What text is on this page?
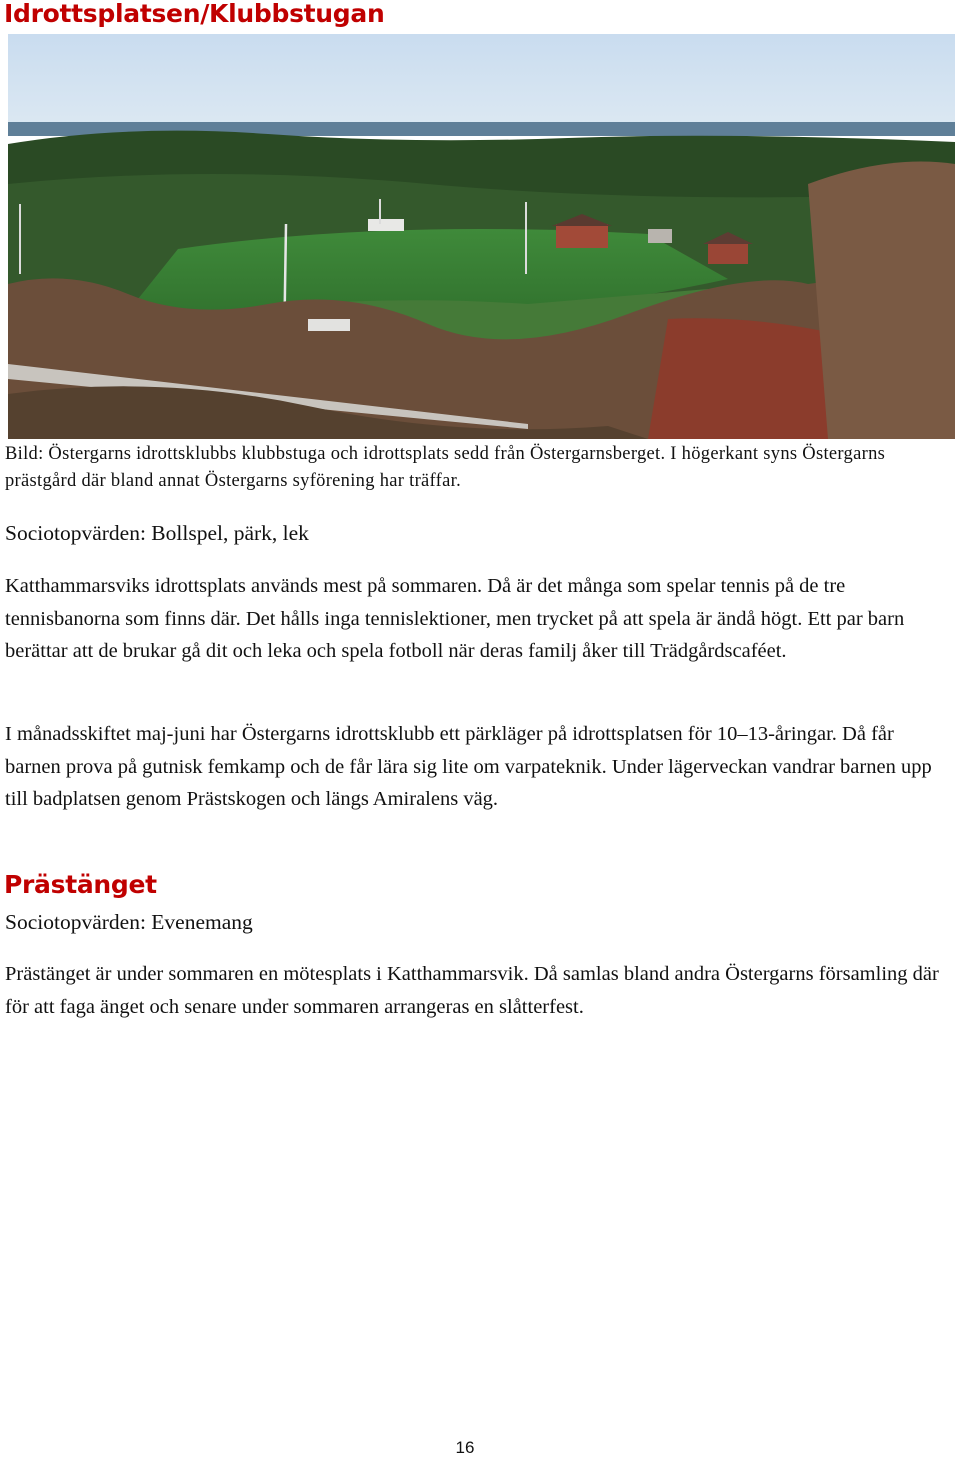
Idrottsplatsen/Klubbstugan

Bild: Östergarns idrottsklubbs klubbstuga och idrottsplats sedd från Östergarnsberget. I högerkant syns Östergarns prästgård där bland annat Östergarns syförening har träffar.

Sociotopvärden: Bollspel, pärk, lek

Katthammarsviks idrottsplats används mest på sommaren. Då är det många som spelar tennis på de tre tennisbanorna som finns där. Det hålls inga tennislektioner, men trycket på att spela är ändå högt. Ett par barn berättar att de brukar gå dit och leka och spela fotboll när deras familj åker till Trädgårdscaféet.

I månadsskiftet maj-juni har Östergarns idrottsklubb ett pärkläger på idrottsplatsen för 10–13-åringar. Då får barnen prova på gutnisk femkamp och de får lära sig lite om varpateknik. Under lägerveckan vandrar barnen upp till badplatsen genom Prästskogen och längs Amiralens väg.

Prästänget
Sociotopvärden: Evenemang

Prästänget är under sommaren en mötesplats i Katthammarsvik. Då samlas bland andra Östergarns församling där för att faga änget och senare under sommaren arrangeras en slåtterfest.

16
